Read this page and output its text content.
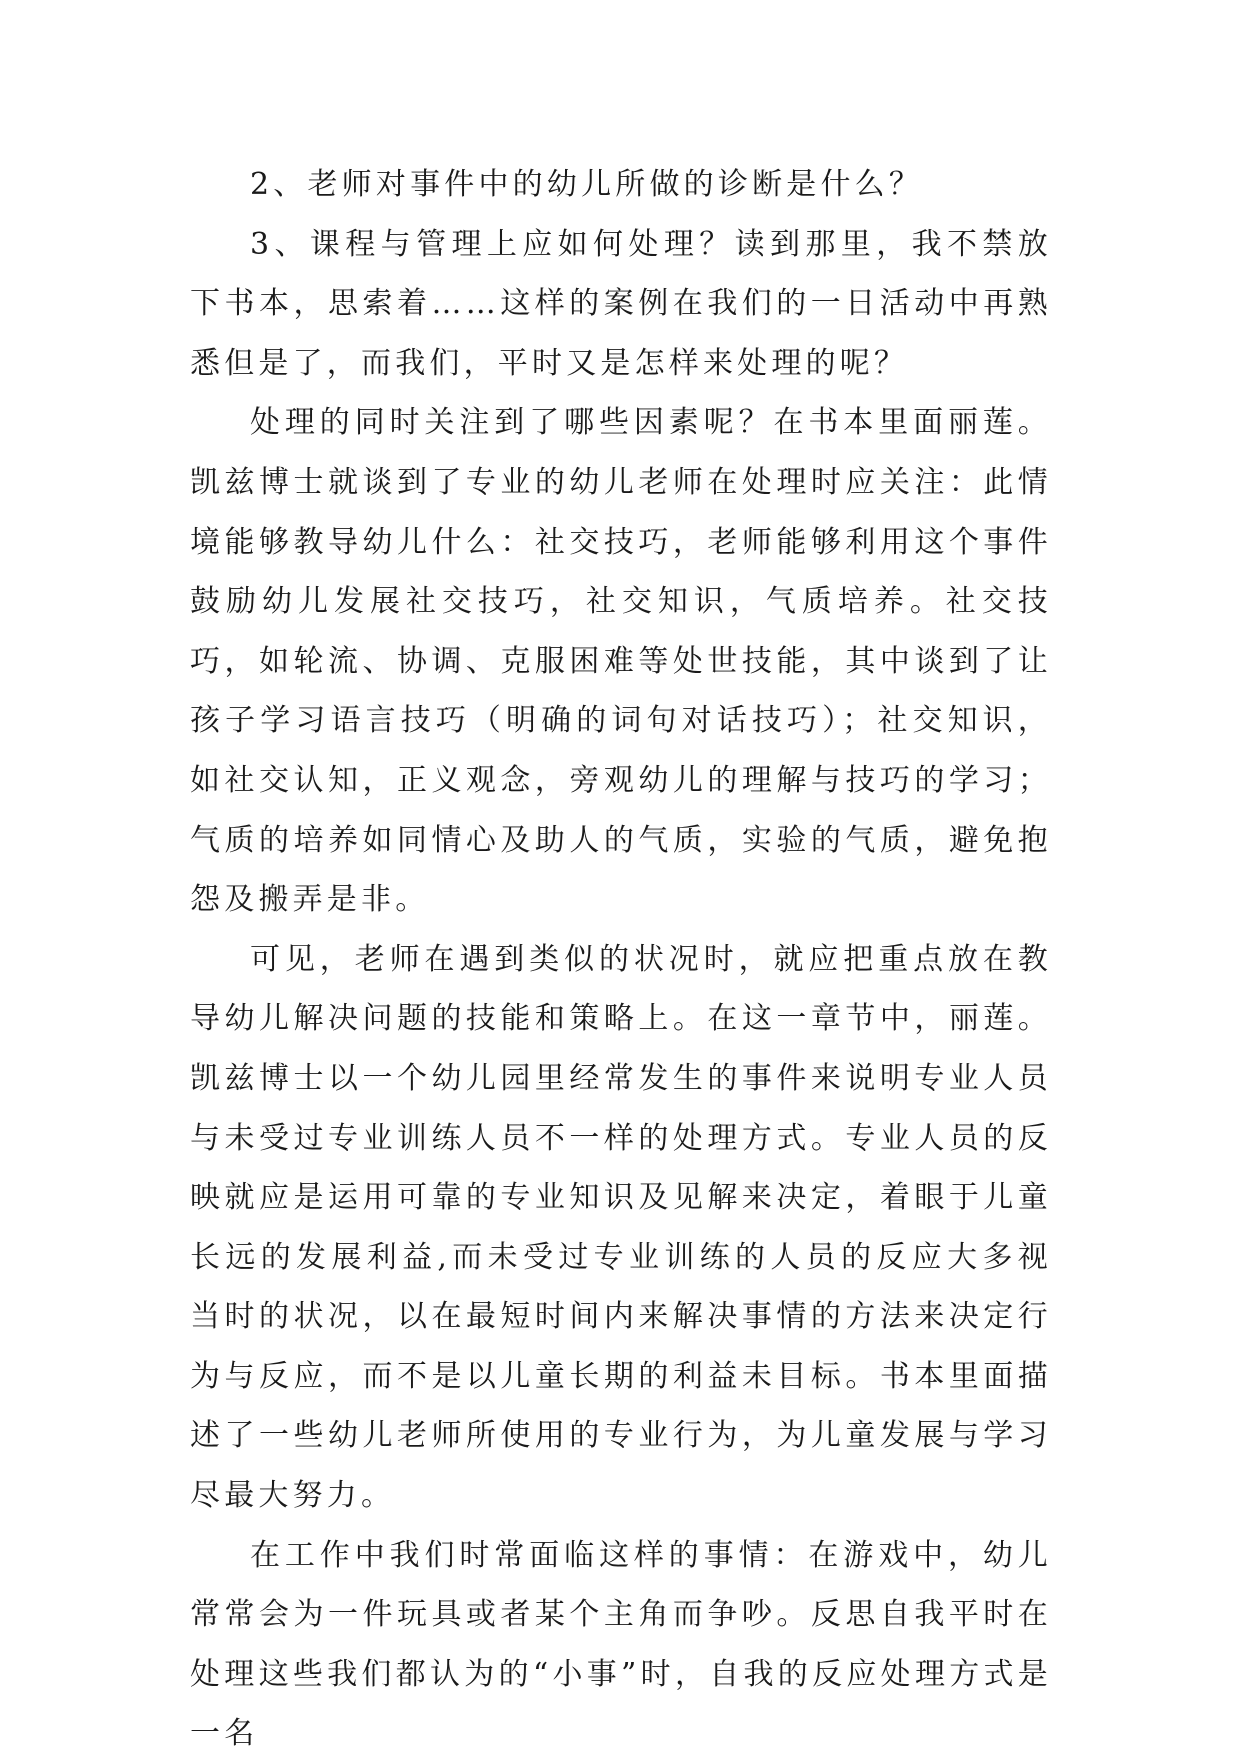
2、老师对事件中的幼儿所做的诊断是什么？

3、课程与管理上应如何处理？读到那里，我不禁放下书本，思索着……这样的案例在我们的一日活动中再熟悉但是了，而我们，平时又是怎样来处理的呢？

处理的同时关注到了哪些因素呢？在书本里面丽莲。凯兹博士就谈到了专业的幼儿老师在处理时应关注：此情境能够教导幼儿什么：社交技巧，老师能够利用这个事件鼓励幼儿发展社交技巧，社交知识，气质培养。社交技巧，如轮流、协调、克服困难等处世技能，其中谈到了让孩子学习语言技巧（明确的词句对话技巧）；社交知识，如社交认知，正义观念，旁观幼儿的理解与技巧的学习；气质的培养如同情心及助人的气质，实验的气质，避免抱怨及搬弄是非。

可见，老师在遇到类似的状况时，就应把重点放在教导幼儿解决问题的技能和策略上。在这一章节中，丽莲。凯兹博士以一个幼儿园里经常发生的事件来说明专业人员与未受过专业训练人员不一样的处理方式。专业人员的反映就应是运用可靠的专业知识及见解来决定，着眼于儿童长远的发展利益,而未受过专业训练的人员的反应大多视当时的状况，以在最短时间内来解决事情的方法来决定行为与反应，而不是以儿童长期的利益未目标。书本里面描述了一些幼儿老师所使用的专业行为，为儿童发展与学习尽最大努力。

在工作中我们时常面临这样的事情：在游戏中，幼儿常常会为一件玩具或者某个主角而争吵。反思自我平时在处理这些我们都认为的“小事”时，自我的反应处理方式是一名
